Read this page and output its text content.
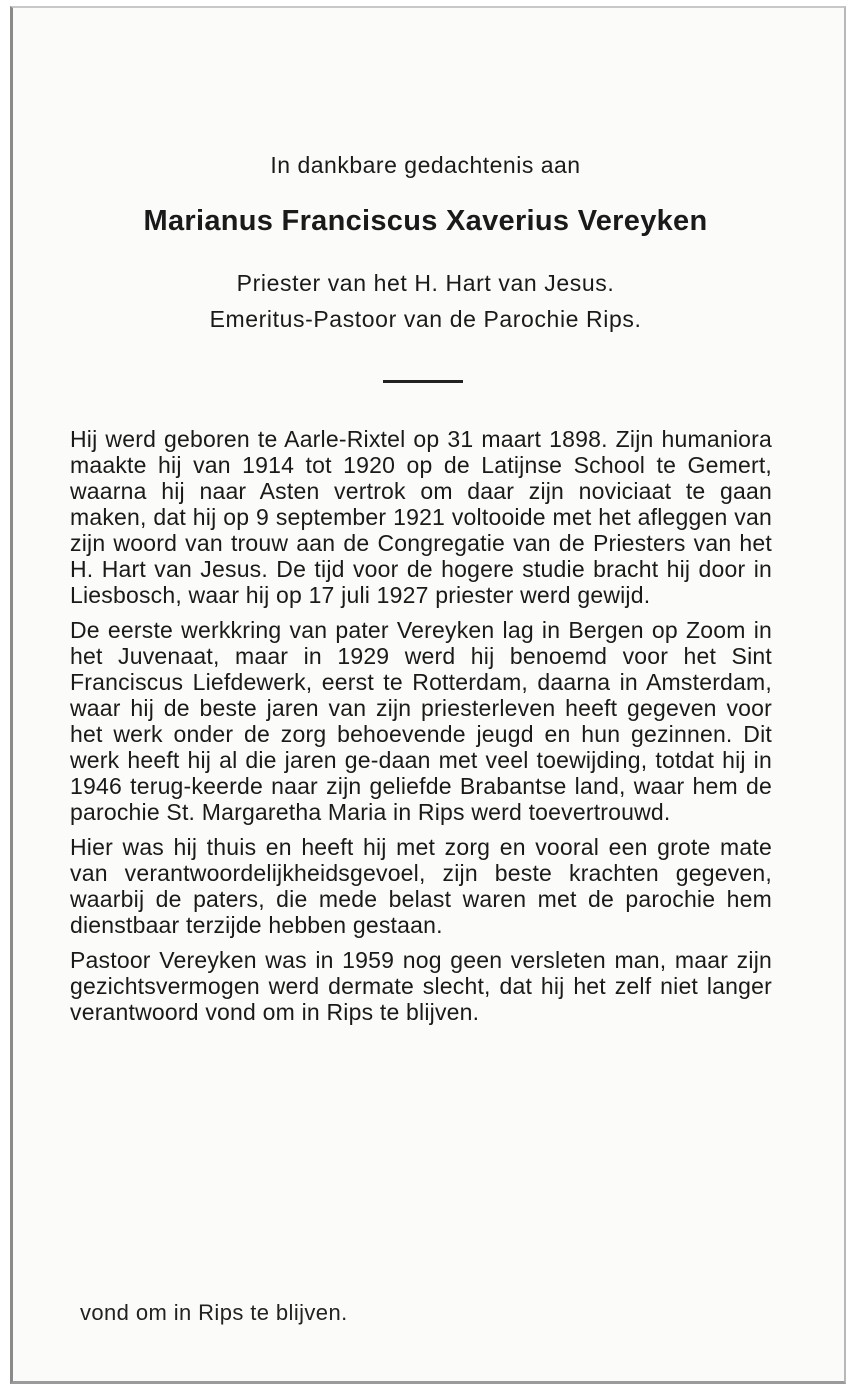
In dankbare gedachtenis aan
Marianus Franciscus Xaverius Vereyken
Priester van het H. Hart van Jesus.
Emeritus-Pastoor van de Parochie Rips.

Hij werd geboren te Aarle-Rixtel op 31 maart 1898. Zijn humaniora maakte hij van 1914 tot 1920 op de Latijnse School te Gemert, waarna hij naar Asten vertrok om daar zijn noviciaat te gaan maken, dat hij op 9 september 1921 voltooide met het afleggen van zijn woord van trouw aan de Congregatie van de Priesters van het H. Hart van Jesus. De tijd voor de hogere studie bracht hij door in Liesbosch, waar hij op 17 juli 1927 priester werd gewijd.

De eerste werkkring van pater Vereyken lag in Bergen op Zoom in het Juvenaat, maar in 1929 werd hij benoemd voor het Sint Franciscus Liefdewerk, eerst te Rotterdam, daarna in Amsterdam, waar hij de beste jaren van zijn priesterleven heeft gegeven voor het werk onder de zorg behoevende jeugd en hun gezinnen. Dit werk heeft hij al die jaren ge-daan met veel toewijding, totdat hij in 1946 terug-keerde naar zijn geliefde Brabantse land, waar hem de parochie St. Margaretha Maria in Rips werd toevertrouwd.

Hier was hij thuis en heeft hij met zorg en vooral een grote mate van verantwoordelijkheidsgevoel, zijn beste krachten gegeven, waarbij de paters, die mede belast waren met de parochie hem dienstbaar terzijde hebben gestaan.

Pastoor Vereyken was in 1959 nog geen versleten man, maar zijn gezichtsvermogen werd dermate slecht, dat hij het zelf niet langer verantwoord vond om in Rips te blijven.

vond om in Rips te blijven.
